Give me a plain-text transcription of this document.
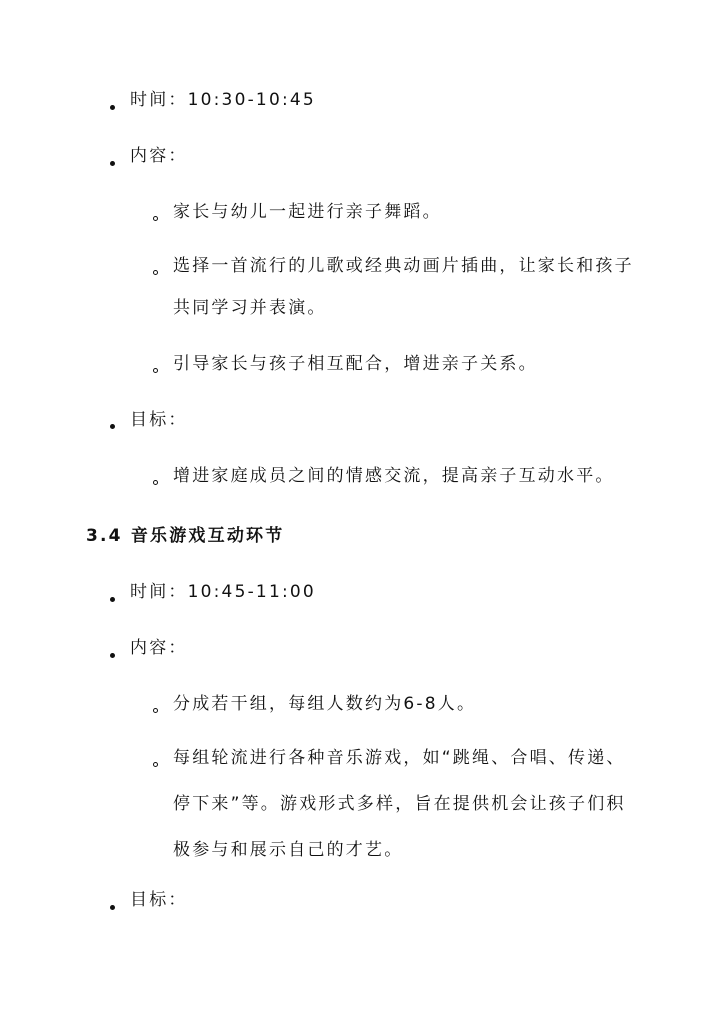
时间：10:30-10:45
内容：
家长与幼儿一起进行亲子舞蹈。
选择一首流行的儿歌或经典动画片插曲，让家长和孩子
共同学习并表演。
引导家长与孩子相互配合，增进亲子关系。
目标：
增进家庭成员之间的情感交流，提高亲子互动水平。
3.4 音乐游戏互动环节
时间：10:45-11:00
内容：
分成若干组，每组人数约为6-8人。
每组轮流进行各种音乐游戏，如“跳绳、合唱、传递、
停下来”等。游戏形式多样，旨在提供机会让孩子们积
极参与和展示自己的才艺。
目标：
